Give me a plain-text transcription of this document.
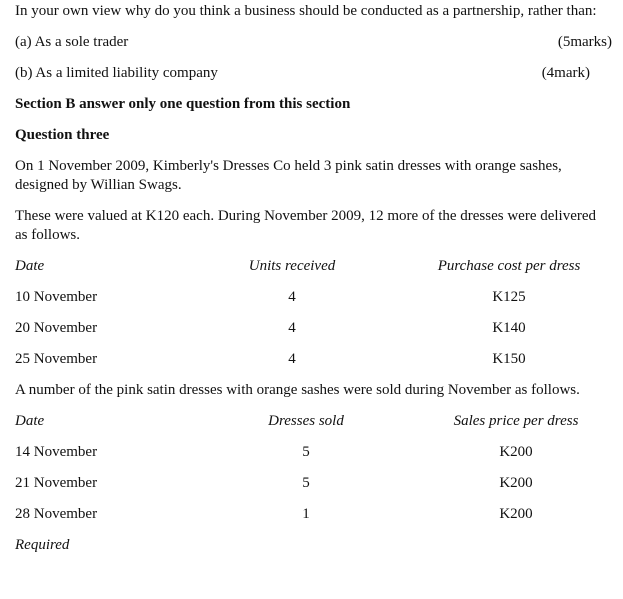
In your own view why do you think a business should be conducted as a partnership, rather than:

(a) As a sole trader	(5marks)
(b) As a limited liability company	(4mark)

Section B answer only one question from this section

Question three

On 1 November 2009, Kimberly's Dresses Co held 3 pink satin dresses with orange sashes, designed by Willian Swags.

These were valued at K120 each. During November 2009, 12 more of the dresses were delivered as follows.

Date	Units received	Purchase cost per dress
10 November	4	K125
20 November	4	K140
25 November	4	K150

A number of the pink satin dresses with orange sashes were sold during November as follows.

Date	Dresses sold	Sales price per dress
14 November	5	K200
21 November	5	K200
28 November	1	K200

Required
